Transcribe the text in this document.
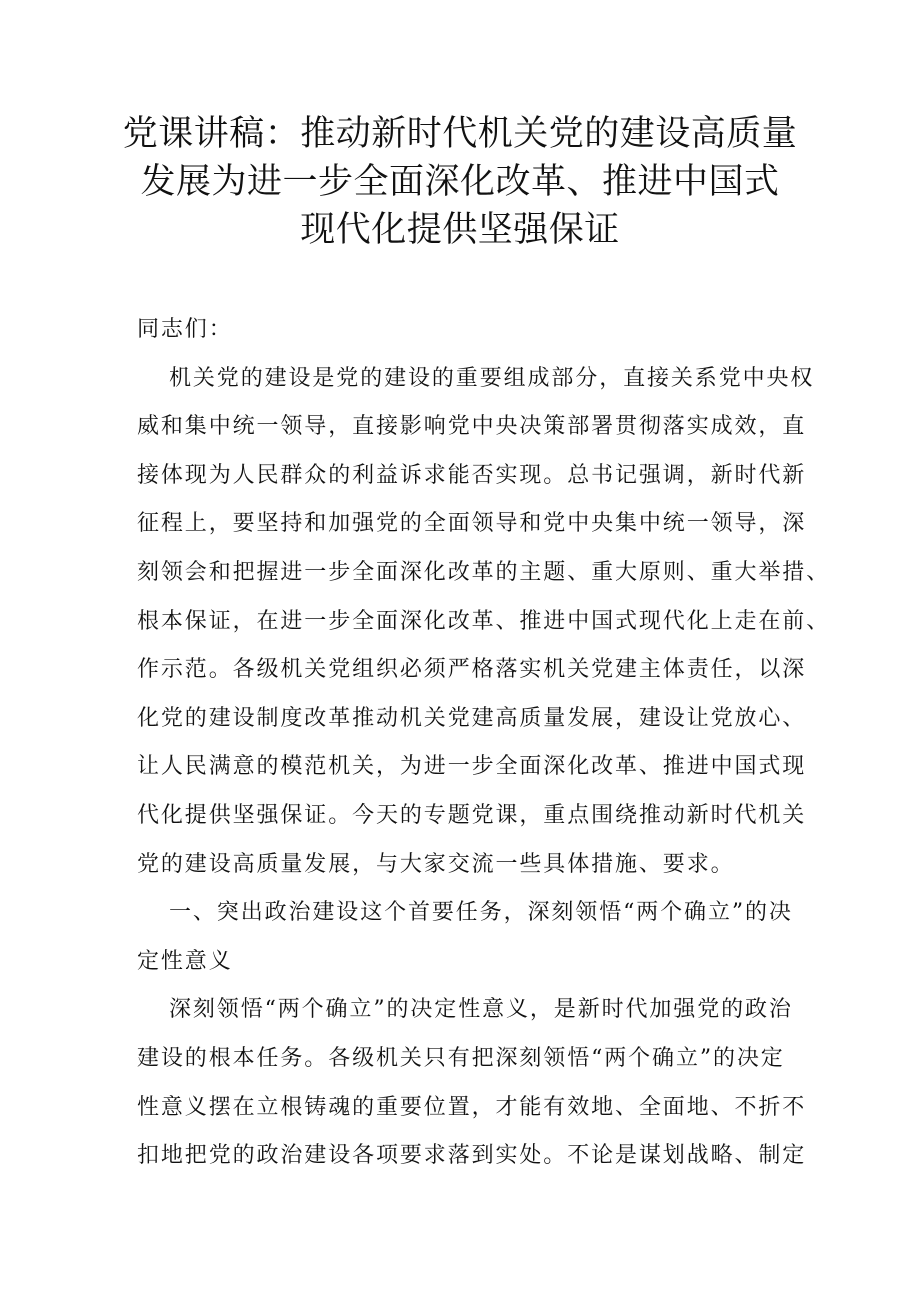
党课讲稿：推动新时代机关党的建设高质量
发展为进一步全面深化改革、推进中国式
现代化提供坚强保证
同志们：
机关党的建设是党的建设的重要组成部分，直接关系党中央权
威和集中统一领导，直接影响党中央决策部署贯彻落实成效，直
接体现为人民群众的利益诉求能否实现。总书记强调，新时代新
征程上，要坚持和加强党的全面领导和党中央集中统一领导，深
刻领会和把握进一步全面深化改革的主题、重大原则、重大举措、
根本保证，在进一步全面深化改革、推进中国式现代化上走在前、
作示范。各级机关党组织必须严格落实机关党建主体责任，以深
化党的建设制度改革推动机关党建高质量发展，建设让党放心、
让人民满意的模范机关，为进一步全面深化改革、推进中国式现
代化提供坚强保证。今天的专题党课，重点围绕推动新时代机关
党的建设高质量发展，与大家交流一些具体措施、要求。
一、突出政治建设这个首要任务，深刻领悟“两个确立”的决
定性意义
深刻领悟“两个确立”的决定性意义，是新时代加强党的政治
建设的根本任务。各级机关只有把深刻领悟“两个确立”的决定
性意义摆在立根铸魂的重要位置，才能有效地、全面地、不折不
扣地把党的政治建设各项要求落到实处。不论是谋划战略、制定
